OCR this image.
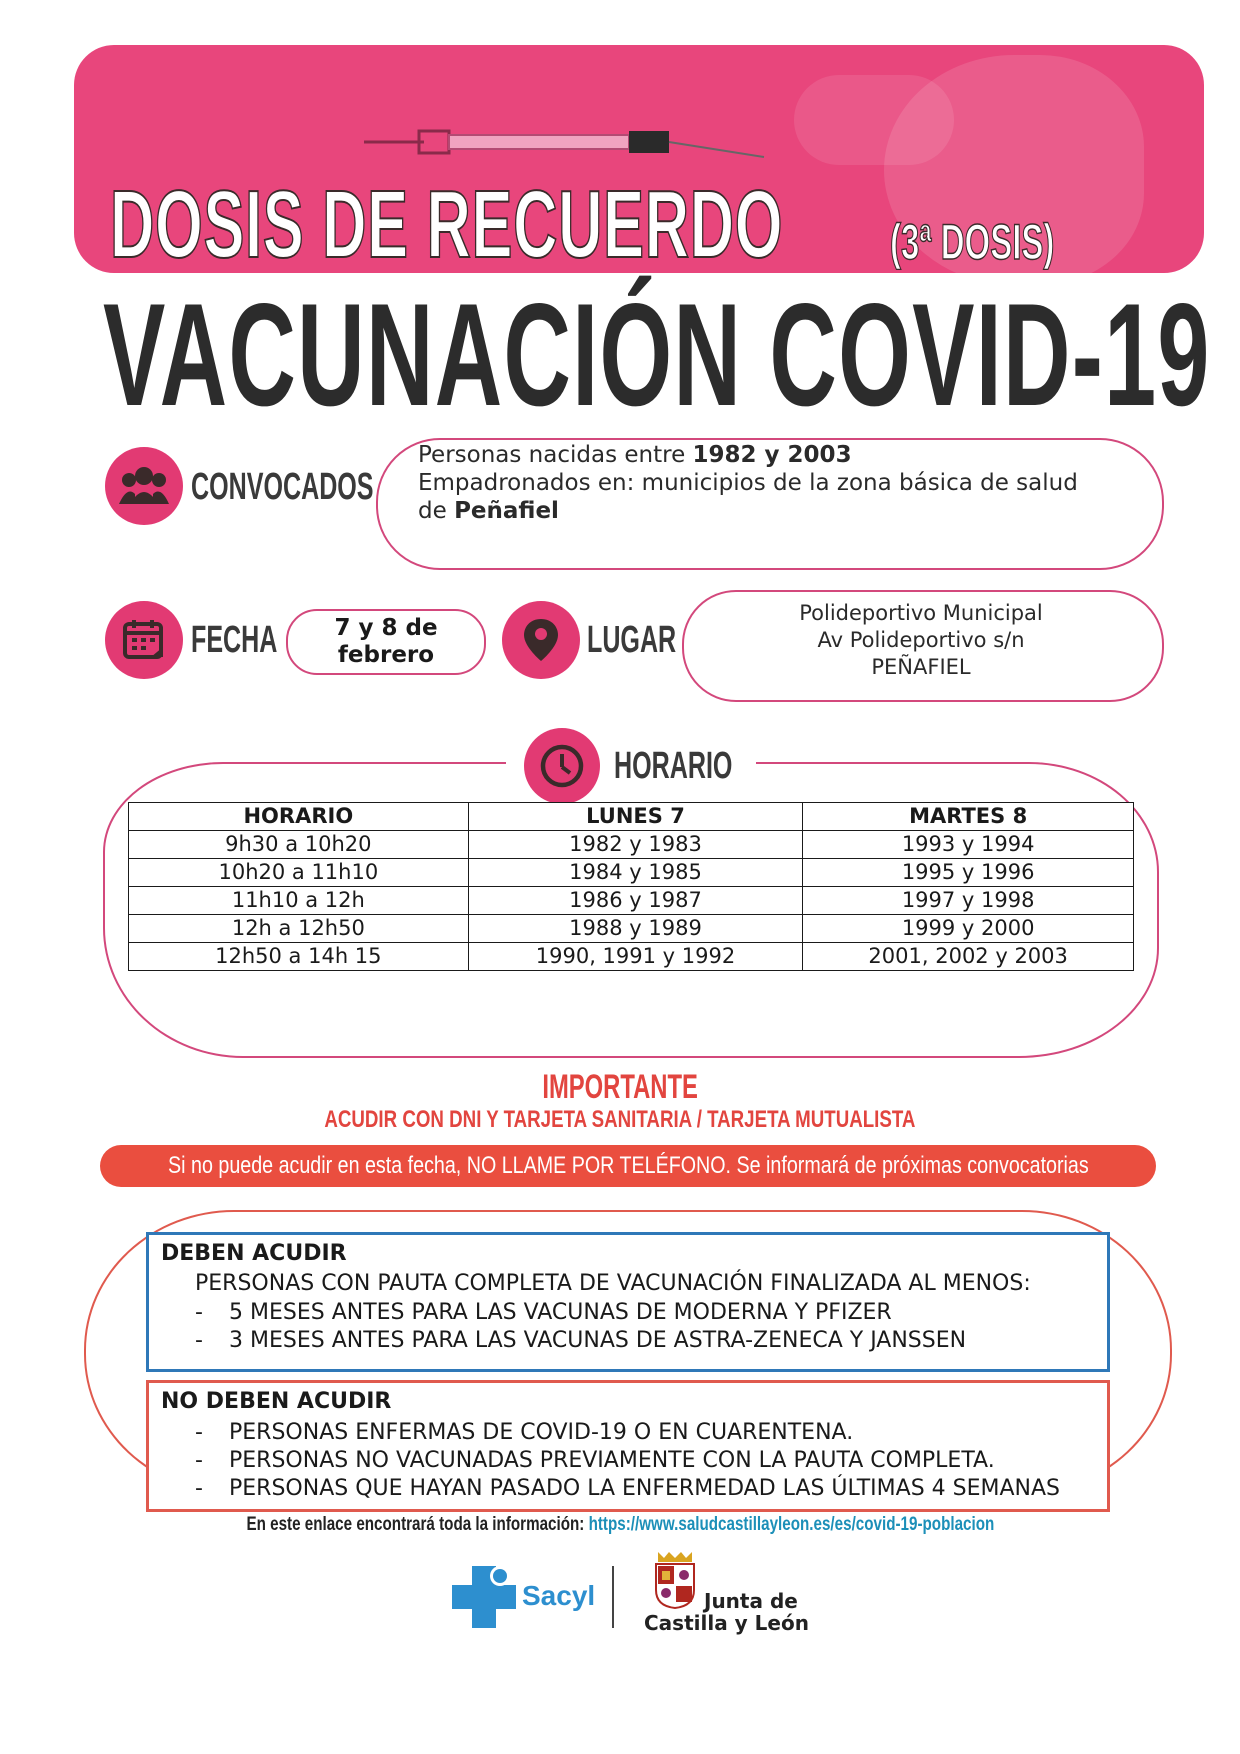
DOSIS DE RECUERDO (3ª DOSIS)
VACUNACIÓN COVID-19
CONVOCADOS
Personas nacidas entre 1982 y 2003
Empadronados en: municipios de la zona básica de salud
de Peñafiel
FECHA	7 y 8 de febrero	LUGAR
Polideportivo Municipal
Av Polideportivo s/n
PEÑAFIEL
HORARIO
HORARIO	LUNES 7	MARTES 8
9h30 a 10h20	1982 y 1983	1993 y 1994
10h20 a 11h10	1984 y 1985	1995 y 1996
11h10 a 12h	1986 y 1987	1997 y 1998
12h a 12h50	1988 y 1989	1999 y 2000
12h50 a 14h 15	1990, 1991 y 1992	2001, 2002 y 2003
IMPORTANTE
ACUDIR CON DNI Y TARJETA SANITARIA / TARJETA MUTUALISTA
Si no puede acudir en esta fecha, NO LLAME POR TELÉFONO. Se informará de próximas convocatorias
DEBEN ACUDIR
PERSONAS CON PAUTA COMPLETA DE VACUNACIÓN FINALIZADA AL MENOS:
- 5 MESES ANTES PARA LAS VACUNAS DE MODERNA Y PFIZER
- 3 MESES ANTES PARA LAS VACUNAS DE ASTRA-ZENECA Y JANSSEN
NO DEBEN ACUDIR
- PERSONAS ENFERMAS DE COVID-19 O EN CUARENTENA.
- PERSONAS NO VACUNADAS PREVIAMENTE CON LA PAUTA COMPLETA.
- PERSONAS QUE HAYAN PASADO LA ENFERMEDAD LAS ÚLTIMAS 4 SEMANAS
En este enlace encontrará toda la información: https://www.saludcastillayleon.es/es/covid-19-poblacion
Sacyl	Junta de
Castilla y León
